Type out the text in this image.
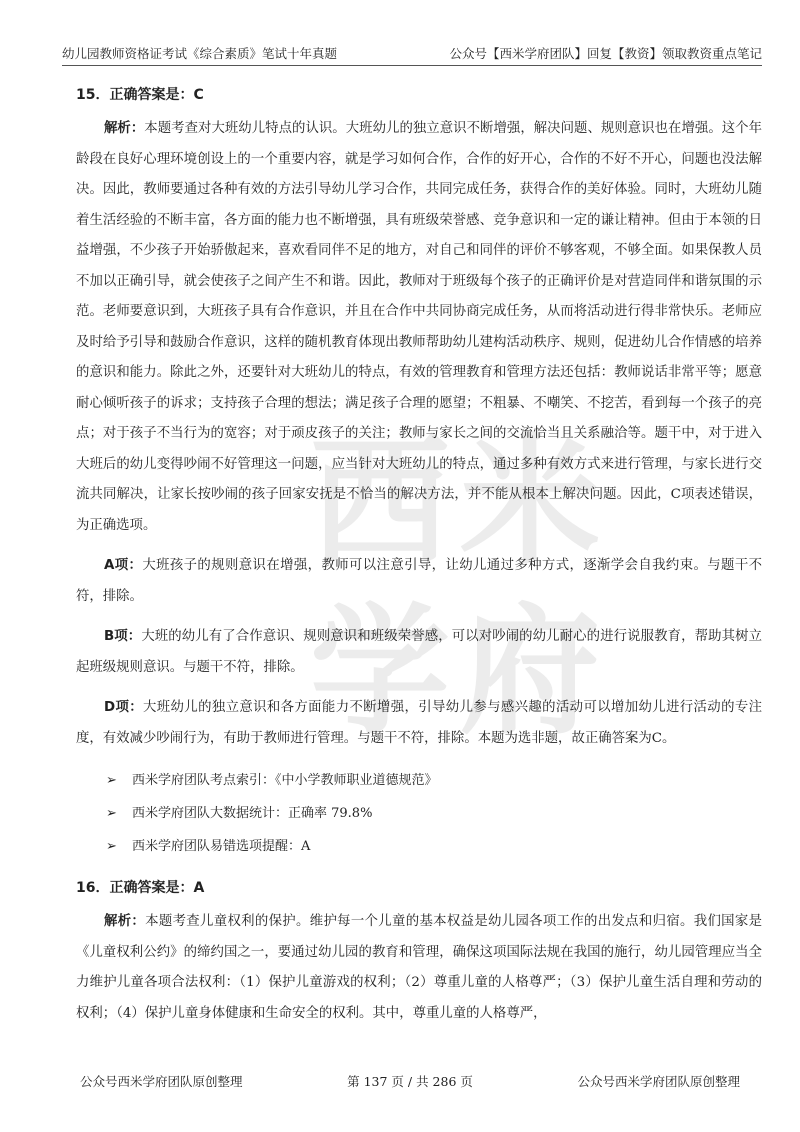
幼儿园教师资格证考试《综合素质》笔试十年真题	公众号【西米学府团队】回复【教资】领取教资重点笔记
西 米
学 府
15．正确答案是：C

解析：本题考查对大班幼儿特点的认识。大班幼儿的独立意识不断增强，解决问题、规则意识也在增强。这个年龄段在良好心理环境创设上的一个重要内容，就是学习如何合作，合作的好开心，合作的不好不开心，问题也没法解决。因此，教师要通过各种有效的方法引导幼儿学习合作，共同完成任务，获得合作的美好体验。同时，大班幼儿随着生活经验的不断丰富，各方面的能力也不断增强，具有班级荣誉感、竞争意识和一定的谦让精神。但由于本领的日益增强，不少孩子开始骄傲起来，喜欢看同伴不足的地方，对自己和同伴的评价不够客观，不够全面。如果保教人员不加以正确引导，就会使孩子之间产生不和谐。因此，教师对于班级每个孩子的正确评价是对营造同伴和谐氛围的示范。老师要意识到，大班孩子具有合作意识，并且在合作中共同协商完成任务，从而将活动进行得非常快乐。老师应及时给予引导和鼓励合作意识，这样的随机教育体现出教师帮助幼儿建构活动秩序、规则，促进幼儿合作情感的培养的意识和能力。除此之外，还要针对大班幼儿的特点，有效的管理教育和管理方法还包括：教师说话非常平等；愿意耐心倾听孩子的诉求；支持孩子合理的想法；满足孩子合理的愿望；不粗暴、不嘲笑、不挖苦，看到每一个孩子的亮点；对于孩子不当行为的宽容；对于顽皮孩子的关注；教师与家长之间的交流恰当且关系融洽等。题干中，对于进入大班后的幼儿变得吵闹不好管理这一问题，应当针对大班幼儿的特点，通过多种有效方式来进行管理，与家长进行交流共同解决，让家长按吵闹的孩子回家安抚是不恰当的解决方法，并不能从根本上解决问题。因此，C项表述错误，为正确选项。

A项：大班孩子的规则意识在增强，教师可以注意引导，让幼儿通过多种方式，逐渐学会自我约束。与题干不符，排除。

B项：大班的幼儿有了合作意识、规则意识和班级荣誉感，可以对吵闹的幼儿耐心的进行说服教育，帮助其树立起班级规则意识。与题干不符，排除。

D项：大班幼儿的独立意识和各方面能力不断增强，引导幼儿参与感兴趣的活动可以增加幼儿进行活动的专注度，有效减少吵闹行为，有助于教师进行管理。与题干不符，排除。本题为选非题，故正确答案为C。

➢	西米学府团队考点索引：《中小学教师职业道德规范》
➢	西米学府团队大数据统计：正确率 79.8%
➢	西米学府团队易错选项提醒：A
16．正确答案是：A

解析：本题考查儿童权利的保护。维护每一个儿童的基本权益是幼儿园各项工作的出发点和归宿。我们国家是《儿童权利公约》的缔约国之一，要通过幼儿园的教育和管理，确保这项国际法规在我国的施行，幼儿园管理应当全力维护儿童各项合法权利：（1）保护儿童游戏的权利；（2）尊重儿童的人格尊严；（3）保护儿童生活自理和劳动的权利；（4）保护儿童身体健康和生命安全的权利。其中，尊重儿童的人格尊严，

公众号西米学府团队原创整理	第 137 页 / 共 286 页	公众号西米学府团队原创整理
